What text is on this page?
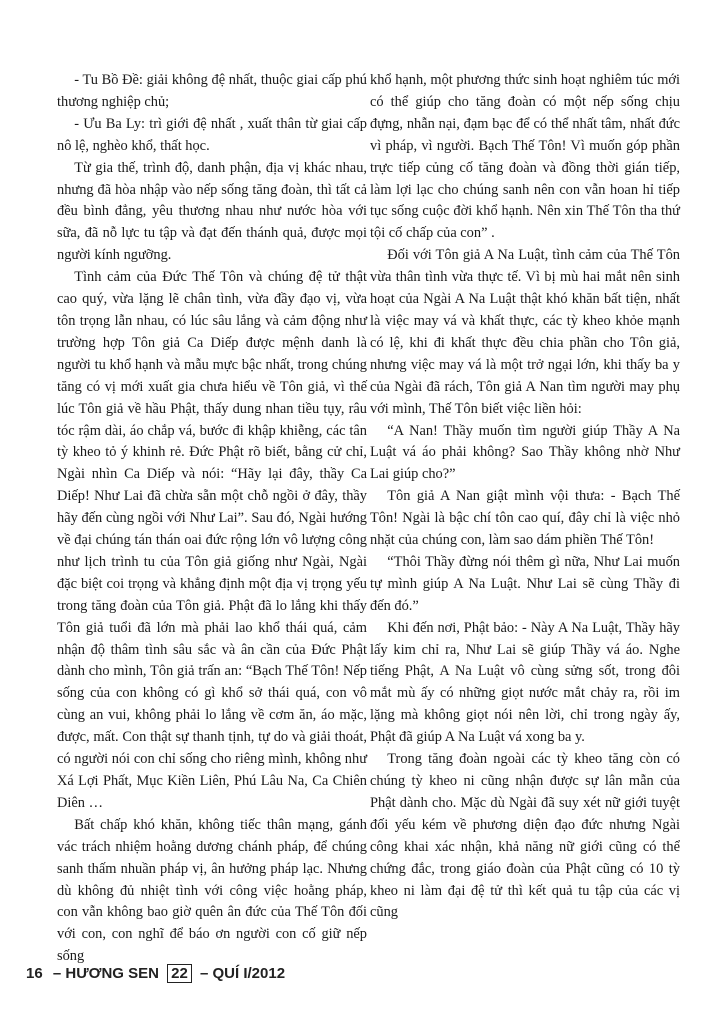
- Tu Bồ Đề: giải không đệ nhất, thuộc giai cấp phú thương nghiệp chủ;

- Ưu Ba Ly: trì giới đệ nhất , xuất thân từ giai cấp nô lệ, nghèo khổ, thất học.

Từ gia thế, trình độ, danh phận, địa vị khác nhau, nhưng đã hòa nhập vào nếp sống tăng đoàn, thì tất cả đều bình đẳng, yêu thương nhau như nước hòa với sữa, đã nỗ lực tu tập và đạt đến thánh quả, được mọi người kính ngưỡng.

Tình cảm của Đức Thế Tôn và chúng đệ tử thật cao quý, vừa lặng lẽ chân tình, vừa đầy đạo vị, vừa tôn trọng lẫn nhau, có lúc sâu lắng và cảm động như trường hợp Tôn giả Ca Diếp được mệnh danh là người tu khổ hạnh và mẫu mực bậc nhất, trong chúng tăng có vị mới xuất gia chưa hiểu về Tôn giả, vì thế lúc Tôn giả về hầu Phật, thấy dung nhan tiều tụy, râu tóc rậm dài, áo chắp vá, bước đi khập khiễng, các tân tỳ kheo tỏ ý khinh rẻ. Đức Phật rõ biết, bằng cử chỉ, Ngài nhìn Ca Diếp và nói: “Hãy lại đây, thầy Ca Diếp! Như Lai đã chừa sẵn một chỗ ngồi ở đây, thầy hãy đến cùng ngồi với Như Lai”. Sau đó, Ngài hướng về đại chúng tán thán oai đức rộng lớn vô lượng công như lịch trình tu của Tôn giả giống như Ngài, Ngài đặc biệt coi trọng và khẳng định một địa vị trọng yếu trong tăng đoàn của Tôn giả. Phật đã lo lắng khi thấy Tôn giả tuổi đã lớn mà phải lao khổ thái quá, cảm nhận độ thâm tình sâu sắc và ân cần của Đức Phật dành cho mình, Tôn giả trấn an: “Bạch Thế Tôn! Nếp sống của con không có gì khổ sở thái quá, con vô cùng an vui, không phải lo lắng về cơm ăn, áo mặc, được, mất. Con thật sự thanh tịnh, tự do và giải thoát, có người nói con chỉ sống cho riêng mình, không như Xá Lợi Phất, Mục Kiền Liên, Phú Lâu Na, Ca Chiên Diên …

Bất chấp khó khăn, không tiếc thân mạng, gánh vác trách nhiệm hoằng dương chánh pháp, để chúng sanh thấm nhuần pháp vị, ân hưởng pháp lạc. Nhưng dù không đủ nhiệt tình với công việc hoằng pháp, con vẫn không bao giờ quên ân đức của Thế Tôn đối với con, con nghĩ để báo ơn người con cố giữ nếp sống

khổ hạnh, một phương thức sinh hoạt nghiêm túc mới có thể giúp cho tăng đoàn có một nếp sống chịu đựng, nhẫn nại, đạm bạc để có thể nhất tâm, nhất đức vì pháp, vì người. Bạch Thế Tôn! Vì muốn góp phần trực tiếp củng cố tăng đoàn và đồng thời gián tiếp, làm lợi lạc cho chúng sanh nên con vẫn hoan hỉ tiếp tục sống cuộc đời khổ hạnh. Nên xin Thế Tôn tha thứ tội cố chấp của con” .

Đối với Tôn giả A Na Luật, tình cảm của Thế Tôn vừa thân tình vừa thực tế. Vì bị mù hai mắt nên sinh hoạt của Ngài A Na Luật thật khó khăn bất tiện, nhất là việc may vá và khất thực, các tỳ kheo khỏe mạnh có lệ, khi đi khất thực đều chia phần cho Tôn giả, nhưng việc may vá là một trở ngại lớn, khi thấy ba y của Ngài đã rách, Tôn giả A Nan tìm người may phụ với mình, Thế Tôn biết việc liền hỏi:

“A Nan! Thầy muốn tìm người giúp Thầy A Na Luật vá áo phải không? Sao Thầy không nhờ Như Lai giúp cho?”

Tôn giả A Nan giật mình vội thưa: - Bạch Thế Tôn! Ngài là bậc chí tôn cao quí, đây chỉ là việc nhỏ nhặt của chúng con, làm sao dám phiền Thế Tôn!

“Thôi Thầy đừng nói thêm gì nữa, Như Lai muốn tự mình giúp A Na Luật. Như Lai sẽ cùng Thầy đi đến đó.”

Khi đến nơi, Phật bảo: - Này A Na Luật, Thầy hãy lấy kim chỉ ra, Như Lai sẽ giúp Thầy vá áo. Nghe tiếng Phật, A Na Luật vô cùng sửng sốt, trong đôi mắt mù ấy có những giọt nước mắt chảy ra, rồi im lặng mà không giọt nói nên lời, chỉ trong ngày ấy, Phật đã giúp A Na Luật vá xong ba y.

Trong tăng đoàn ngoài các tỳ kheo tăng còn có chúng tỳ kheo ni cũng nhận được sự lân mẫn của Phật dành cho. Mặc dù Ngài đã suy xét nữ giới tuyệt đối yếu kém về phương diện đạo đức nhưng Ngài công khai xác nhận, khả năng nữ giới cũng có thể chứng đắc, trong giáo đoàn của Phật cũng có 10 tỳ kheo ni làm đại đệ tử thì kết quả tu tập của các vị cũng

16 – HƯƠNG SEN 22 – QUÍ I/2012
